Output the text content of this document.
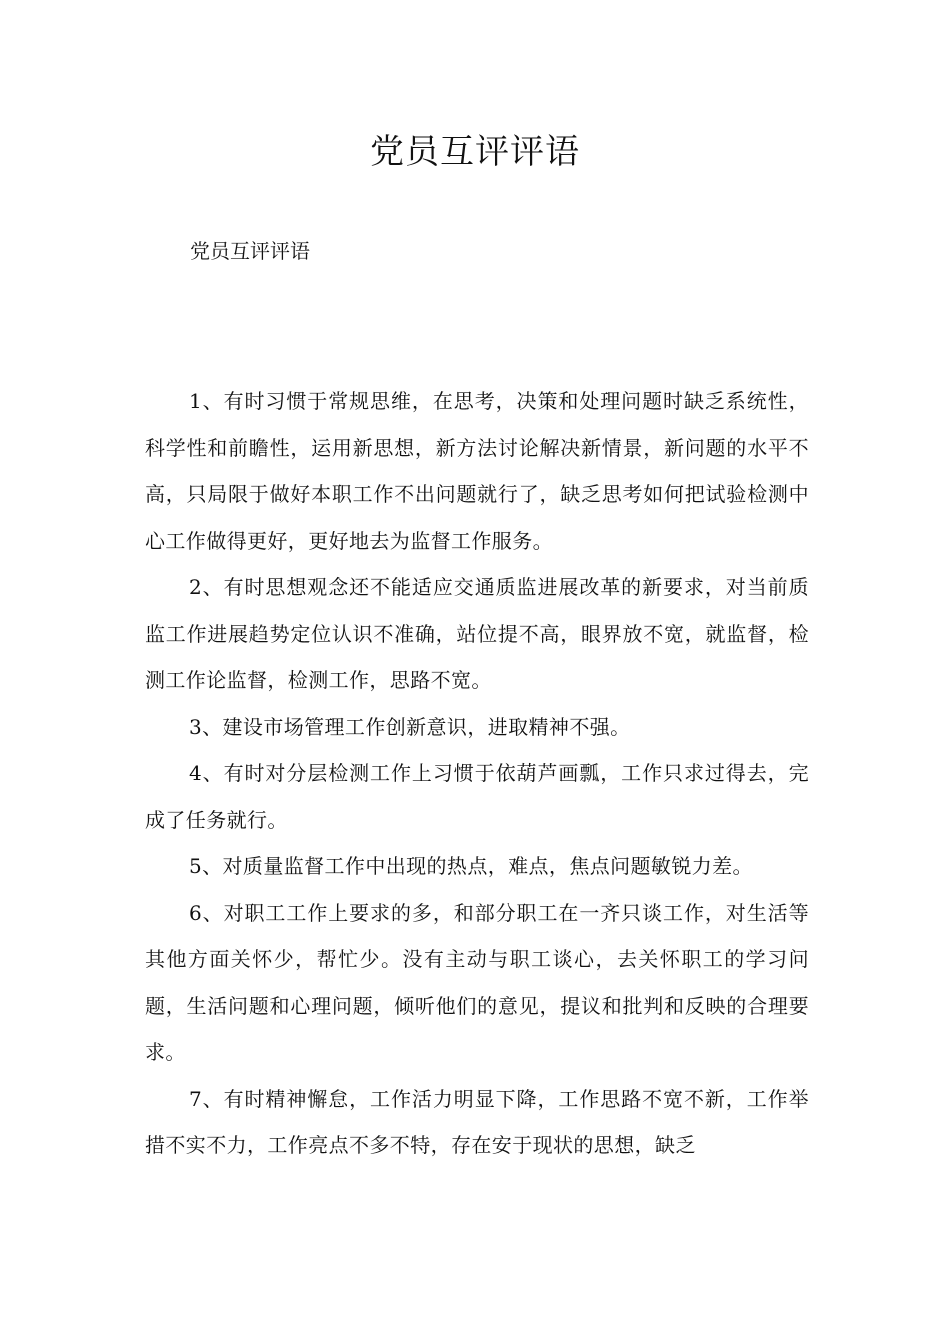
党员互评评语

党员互评评语

1、有时习惯于常规思维，在思考，决策和处理问题时缺乏系统性，科学性和前瞻性，运用新思想，新方法讨论解决新情景，新问题的水平不高，只局限于做好本职工作不出问题就行了，缺乏思考如何把试验检测中心工作做得更好，更好地去为监督工作服务。

2、有时思想观念还不能适应交通质监进展改革的新要求，对当前质监工作进展趋势定位认识不准确，站位提不高，眼界放不宽，就监督，检测工作论监督，检测工作，思路不宽。

3、建设市场管理工作创新意识，进取精神不强。

4、有时对分层检测工作上习惯于依葫芦画瓢，工作只求过得去，完成了任务就行。

5、对质量监督工作中出现的热点，难点，焦点问题敏锐力差。

6、对职工工作上要求的多，和部分职工在一齐只谈工作，对生活等其他方面关怀少，帮忙少。没有主动与职工谈心，去关怀职工的学习问题，生活问题和心理问题，倾听他们的意见，提议和批判和反映的合理要求。

7、有时精神懈怠，工作活力明显下降，工作思路不宽不新，工作举措不实不力，工作亮点不多不特，存在安于现状的思想，缺乏
